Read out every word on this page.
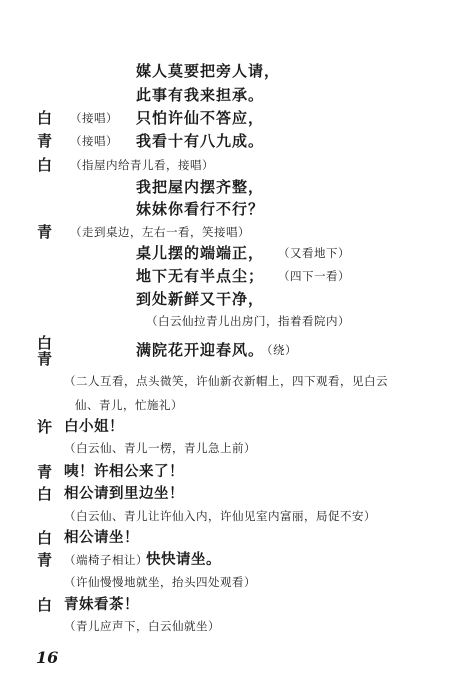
媒人莫要把旁人请，
此事有我来担承。
白 （接唱） 只怕许仙不答应，
青 （接唱） 我看十有八九成。
白 （指屋内给青儿看，接唱）
我把屋内摆齐整，
妹妹你看行不行？
青 （走到桌边，左右一看，笑接唱）
桌儿摆的端端正， （又看地下）
地下无有半点尘； （四下一看）
到处新鲜又干净，
（白云仙拉青儿出房门，指着看院内）
白
青	满院花开迎春风。
（绕）
（二人互看，点头微笑，许仙新衣新帽上，四下观看，见白云
仙、青儿，忙施礼）
许 白小姐！
（白云仙、青儿一楞，青儿急上前）
青 咦！许相公来了！
白 相公请到里边坐！
（白云仙、青儿让许仙入内，许仙见室内富丽，局促不安）
白 相公请坐！
青 （端椅子相让）
快快请坐。
（许仙慢慢地就坐，抬头四处观看）
白 青妹看茶！
（青儿应声下，白云仙就坐）
16
